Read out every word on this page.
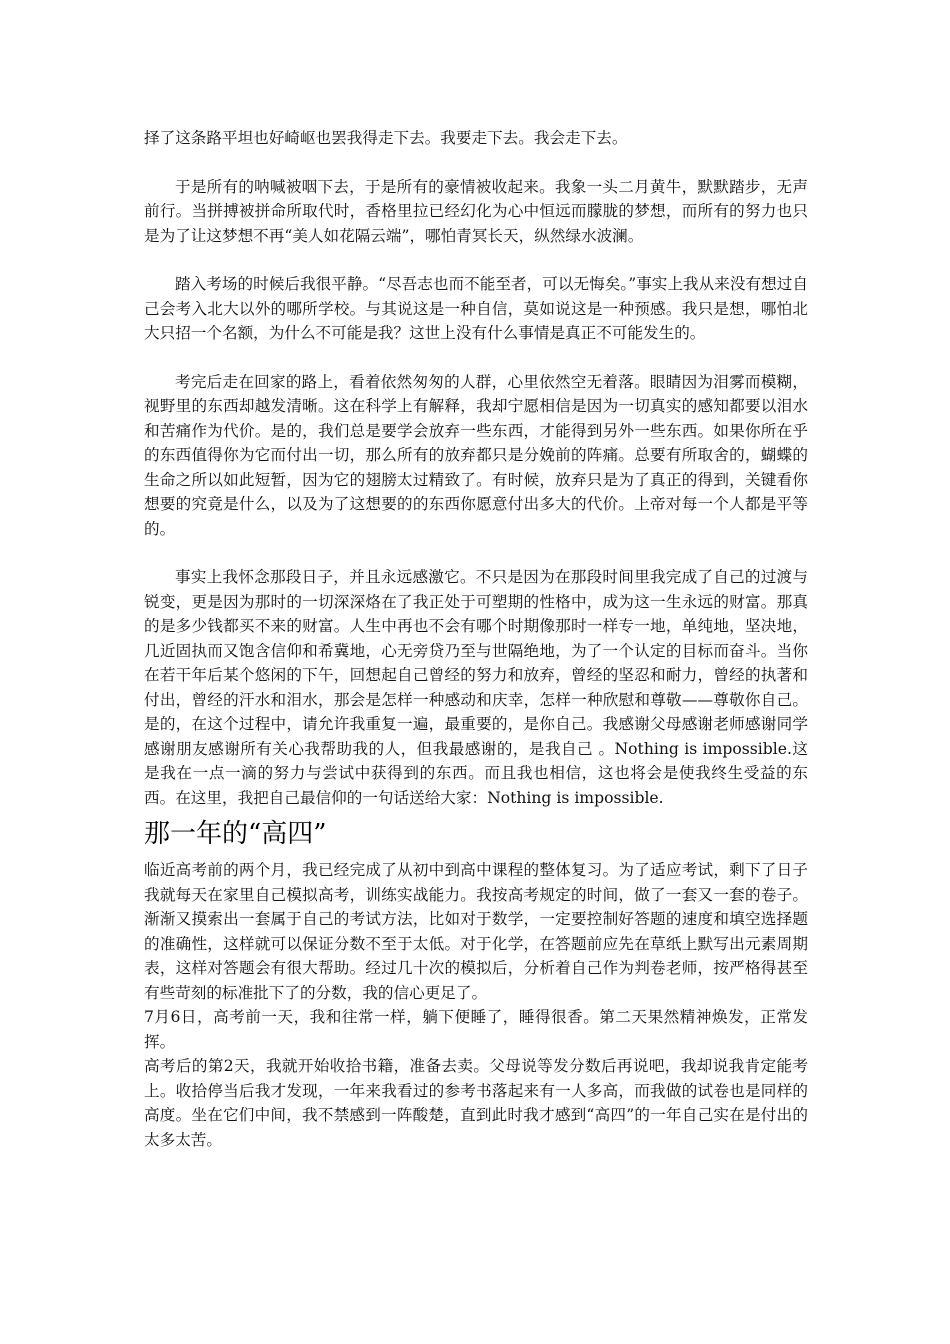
择了这条路平坦也好崎岖也罢我得走下去。我要走下去。我会走下去。

于是所有的呐喊被咽下去，于是所有的豪情被收起来。我象一头二月黄牛，默默踏步，无声前行。当拼搏被拼命所取代时，香格里拉已经幻化为心中恒远而朦胧的梦想，而所有的努力也只是为了让这梦想不再“美人如花隔云端”，哪怕青冥长天，纵然绿水波澜。

踏入考场的时候后我很平静。“尽吾志也而不能至者，可以无悔矣。”事实上我从来没有想过自己会考入北大以外的哪所学校。与其说这是一种自信，莫如说这是一种预感。我只是想，哪怕北大只招一个名额，为什么不可能是我？这世上没有什么事情是真正不可能发生的。

考完后走在回家的路上，看着依然匆匆的人群，心里依然空无着落。眼睛因为泪雾而模糊，视野里的东西却越发清晰。这在科学上有解释，我却宁愿相信是因为一切真实的感知都要以泪水和苦痛作为代价。是的，我们总是要学会放弃一些东西，才能得到另外一些东西。如果你所在乎的东西值得你为它而付出一切，那么所有的放弃都只是分娩前的阵痛。总要有所取舍的，蝴蝶的生命之所以如此短暂，因为它的翅膀太过精致了。有时候，放弃只是为了真正的得到，关键看你想要的究竟是什么，以及为了这想要的的东西你愿意付出多大的代价。上帝对每一个人都是平等的。

事实上我怀念那段日子，并且永远感激它。不只是因为在那段时间里我完成了自己的过渡与锐变，更是因为那时的一切深深烙在了我正处于可塑期的性格中，成为这一生永远的财富。那真的是多少钱都买不来的财富。人生中再也不会有哪个时期像那时一样专一地，单纯地，坚决地，几近固执而又饱含信仰和希冀地，心无旁贷乃至与世隔绝地，为了一个认定的目标而奋斗。当你在若干年后某个悠闲的下午，回想起自己曾经的努力和放弃，曾经的坚忍和耐力，曾经的执著和付出，曾经的汗水和泪水，那会是怎样一种感动和庆幸，怎样一种欣慰和尊敬——尊敬你自己。是的，在这个过程中，请允许我重复一遍，最重要的，是你自己。我感谢父母感谢老师感谢同学感谢朋友感谢所有关心我帮助我的人，但我最感谢的，是我自己 。Nothing is impossible.这是我在一点一滴的努力与尝试中获得到的东西。而且我也相信，这也将会是使我终生受益的东西。在这里，我把自己最信仰的一句话送给大家：Nothing is impossible.

那一年的“高四”

临近高考前的两个月，我已经完成了从初中到高中课程的整体复习。为了适应考试，剩下了日子我就每天在家里自己模拟高考，训练实战能力。我按高考规定的时间，做了一套又一套的卷子。渐渐又摸索出一套属于自己的考试方法，比如对于数学，一定要控制好答题的速度和填空选择题的准确性，这样就可以保证分数不至于太低。对于化学，在答题前应先在草纸上默写出元素周期表，这样对答题会有很大帮助。经过几十次的模拟后，分析着自己作为判卷老师，按严格得甚至有些苛刻的标准批下了的分数，我的信心更足了。

7月6日，高考前一天，我和往常一样，躺下便睡了，睡得很香。第二天果然精神焕发，正常发挥。

高考后的第2天，我就开始收拾书籍，准备去卖。父母说等发分数后再说吧，我却说我肯定能考上。收拾停当后我才发现，一年来我看过的参考书落起来有一人多高，而我做的试卷也是同样的高度。坐在它们中间，我不禁感到一阵酸楚，直到此时我才感到“高四”的一年自己实在是付出的太多太苦。
